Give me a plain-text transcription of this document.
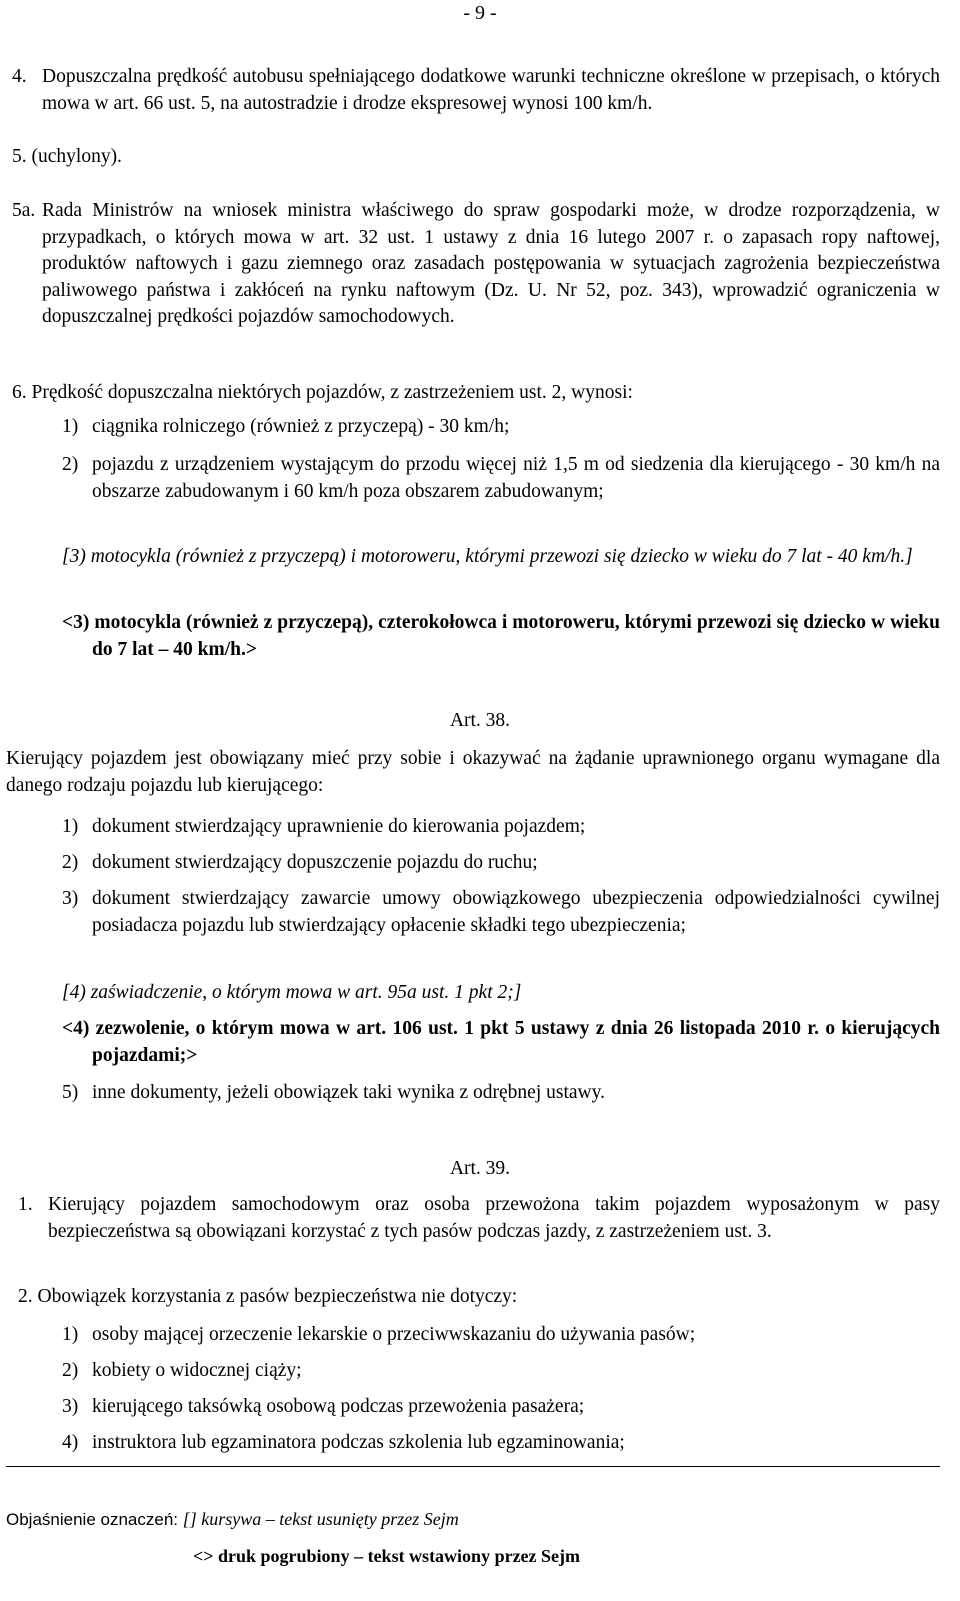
- 9 -
4. Dopuszczalna prędkość autobusu spełniającego dodatkowe warunki techniczne określone w przepisach, o których mowa w art. 66 ust. 5, na autostradzie i drodze ekspresowej wynosi 100 km/h.
5. (uchylony).
5a. Rada Ministrów na wniosek ministra właściwego do spraw gospodarki może, w drodze rozporządzenia, w przypadkach, o których mowa w art. 32 ust. 1 ustawy z dnia 16 lutego 2007 r. o zapasach ropy naftowej, produktów naftowych i gazu ziemnego oraz zasadach postępowania w sytuacjach zagrożenia bezpieczeństwa paliwowego państwa i zakłóceń na rynku naftowym (Dz. U. Nr 52, poz. 343), wprowadzić ograniczenia w dopuszczalnej prędkości pojazdów samochodowych.
6. Prędkość dopuszczalna niektórych pojazdów, z zastrzeżeniem ust. 2, wynosi:
1) ciągnika rolniczego (również z przyczepą) - 30 km/h;
2) pojazdu z urządzeniem wystającym do przodu więcej niż 1,5 m od siedzenia dla kierującego - 30 km/h na obszarze zabudowanym i 60 km/h poza obszarem zabudowanym;
[3) motocykla (również z przyczepą) i motoroweru, którymi przewozi się dziecko w wieku do 7 lat - 40 km/h.]
<3) motocykla (również z przyczepą), czterokołowca i motoroweru, którymi przewozi się dziecko w wieku do 7 lat – 40 km/h.>
Art. 38.
Kierujący pojazdem jest obowiązany mieć przy sobie i okazywać na żądanie uprawnionego organu wymagane dla danego rodzaju pojazdu lub kierującego:
1) dokument stwierdzający uprawnienie do kierowania pojazdem;
2) dokument stwierdzający dopuszczenie pojazdu do ruchu;
3) dokument stwierdzający zawarcie umowy obowiązkowego ubezpieczenia odpowiedzialności cywilnej posiadacza pojazdu lub stwierdzający opłacenie składki tego ubezpieczenia;
[4) zaświadczenie, o którym mowa w art. 95a ust. 1 pkt 2;]
<4) zezwolenie, o którym mowa w art. 106 ust. 1 pkt 5 ustawy z dnia 26 listopada 2010 r. o kierujących pojazdami;>
5) inne dokumenty, jeżeli obowiązek taki wynika z odrębnej ustawy.
Art. 39.
1. Kierujący pojazdem samochodowym oraz osoba przewożona takim pojazdem wyposażonym w pasy bezpieczeństwa są obowiązani korzystać z tych pasów podczas jazdy, z zastrzeżeniem ust. 3.
2. Obowiązek korzystania z pasów bezpieczeństwa nie dotyczy:
1) osoby mającej orzeczenie lekarskie o przeciwwskazaniu do używania pasów;
2) kobiety o widocznej ciąży;
3) kierującego taksówką osobową podczas przewożenia pasażera;
4) instruktora lub egzaminatora podczas szkolenia lub egzaminowania;
Objaśnienie oznaczeń: [] kursywa – tekst usunięty przez Sejm
<> druk pogrubiony – tekst wstawiony przez Sejm
